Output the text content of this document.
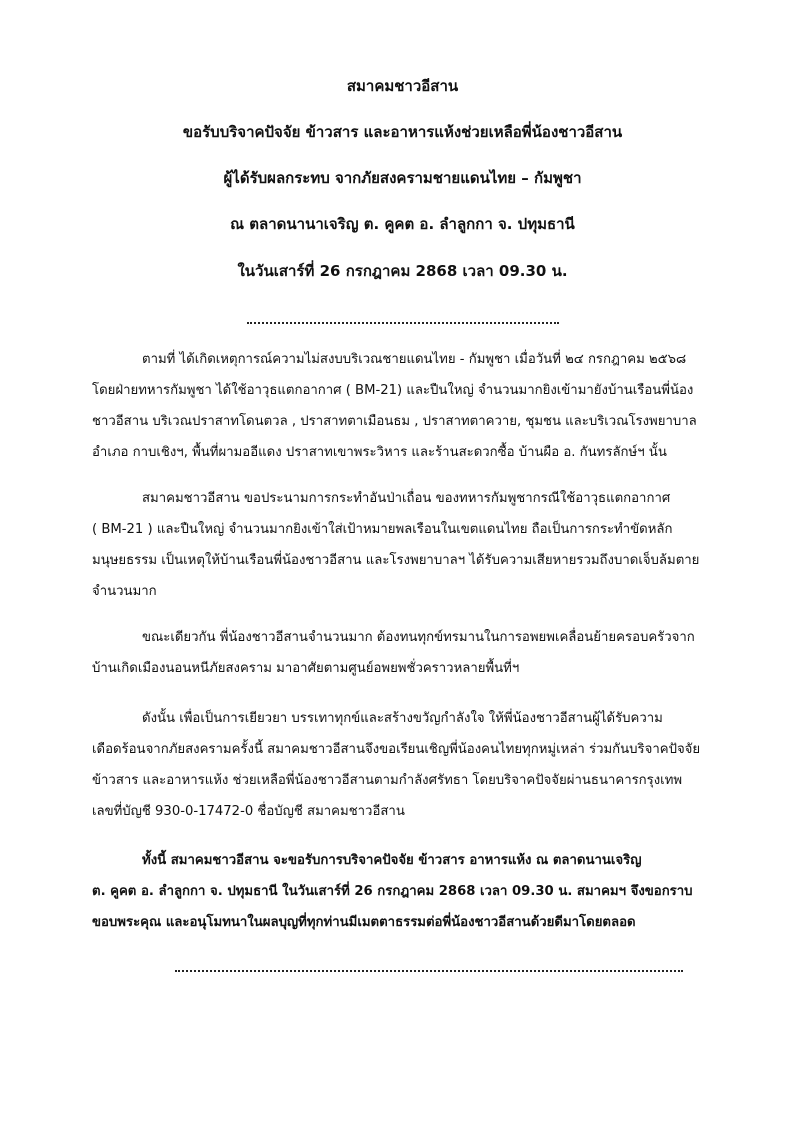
สมาคมชาวอีสาน
ขอรับบริจาคปัจจัย ข้าวสาร และอาหารแห้งช่วยเหลือพี่น้องชาวอีสาน
ผู้ได้รับผลกระทบ จากภัยสงครามชายแดนไทย – กัมพูชา
ณ ตลาดนานาเจริญ ต. คูคต อ. ลำลูกกา จ. ปทุมธานี
ในวันเสาร์ที่ 26 กรกฎาคม 2868 เวลา 09.30 น.
ตามที่ ได้เกิดเหตุการณ์ความไม่สงบบริเวณชายแดนไทย - กัมพูชา เมื่อวันที่ ๒๔ กรกฎาคม ๒๕๖๘
โดยฝ่ายทหารกัมพูชา ได้ใช้อาวุธแตกอากาศ ( BM-21) และปืนใหญ่ จำนวนมากยิงเข้ามายังบ้านเรือนพี่น้อง
ชาวอีสาน บริเวณปราสาทโดนตวล , ปราสาทตาเมือนธม , ปราสาทตาควาย, ชุมชน และบริเวณโรงพยาบาล
อำเภอ กาบเชิงฯ, พื้นที่ผามออีแดง ปราสาทเขาพระวิหาร และร้านสะดวกซื้อ บ้านผือ อ. กันทรลักษ์ฯ นั้น
สมาคมชาวอีสาน ขอประนามการกระทำอันป่าเถื่อน ของทหารกัมพูชากรณีใช้อาวุธแตกอากาศ
( BM-21 ) และปืนใหญ่ จำนวนมากยิงเข้าใส่เป้าหมายพลเรือนในเขตแดนไทย ถือเป็นการกระทำขัดหลัก
มนุษยธรรม เป็นเหตุให้บ้านเรือนพี่น้องชาวอีสาน และโรงพยาบาลฯ ได้รับความเสียหายรวมถึงบาดเจ็บล้มตาย
จำนวนมาก
ขณะเดียวกัน พี่น้องชาวอีสานจำนวนมาก ต้องทนทุกข์ทรมานในการอพยพเคลื่อนย้ายครอบครัวจาก
บ้านเกิดเมืองนอนหนีภัยสงคราม มาอาศัยตามศูนย์อพยพชั่วคราวหลายพื้นที่ฯ
ดังนั้น เพื่อเป็นการเยียวยา บรรเทาทุกข์และสร้างขวัญกำลังใจ ให้พี่น้องชาวอีสานผู้ได้รับความ
เดือดร้อนจากภัยสงครามครั้งนี้ สมาคมชาวอีสานจึงขอเรียนเชิญพี่น้องคนไทยทุกหมู่เหล่า ร่วมกันบริจาคปัจจัย
ข้าวสาร และอาหารแห้ง ช่วยเหลือพี่น้องชาวอีสานตามกำลังศรัทธา โดยบริจาคปัจจัยผ่านธนาคารกรุงเทพ
เลขที่บัญชี 930-0-17472-0 ชื่อบัญชี สมาคมชาวอีสาน
ทั้งนี้ สมาคมชาวอีสาน จะขอรับการบริจาคปัจจัย ข้าวสาร อาหารแห้ง ณ ตลาดนานเจริญ
ต. คูคต อ. ลำลูกกา จ. ปทุมธานี ในวันเสาร์ที่ 26 กรกฎาคม 2868 เวลา 09.30 น. สมาคมฯ จึงขอกราบ
ขอบพระคุณ และอนุโมทนาในผลบุญที่ทุกท่านมีเมตตาธรรมต่อพี่น้องชาวอีสานด้วยดีมาโดยตลอด
